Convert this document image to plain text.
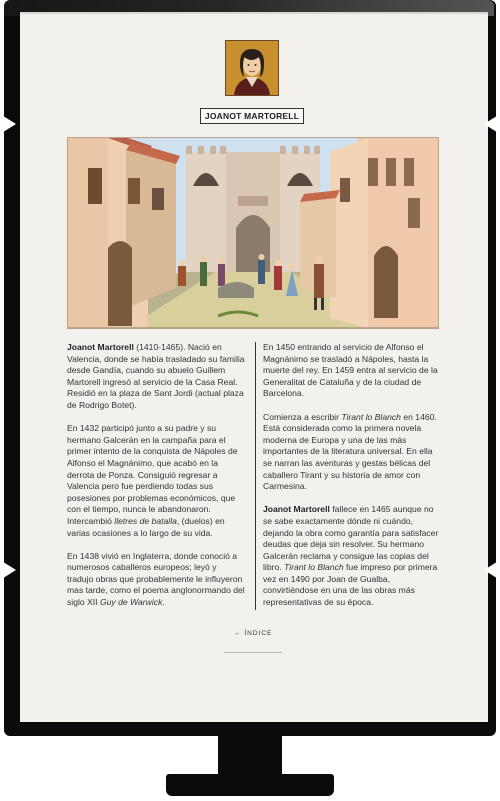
JOANOT MARTORELL

Joanot Martorell (1410-1465). Nació en Valencia, donde se había trasladado su familia desde Gandía, cuando su abuelo Guillem Martorell ingresó al servicio de la Casa Real. Residió en la plaza de Sant Jordi (actual plaza de Rodrigo Botet).

En 1432 participó junto a su padre y su hermano Galcerán en la campaña para el primer intento de la conquista de Nápoles de Alfonso el Magnánimo, que acabó en la derrota de Ponza. Consiguió regresar a Valencia pero fue perdiendo todas sus posesiones por problemas económicos, que con el tiempo, nunca le abandonaron. Intercambió lletres de batalla, (duelos) en varias ocasiones a lo largo de su vida.

En 1438 vivió en Inglaterra, donde conoció a numerosos caballeros europeos; leyó y tradujo obras que probablemente le influyeron mas tarde, como el poema anglonormando del siglo XII Guy de Warwick.

En 1450 entrando al servicio de Alfonso el Magnánimo se trasladó a Nápoles, hasta la muerte del rey. En 1459 entra al servicio de la Generalitat de Cataluña y de la ciudad de Barcelona.

Comienza a escribir Tirant lo Blanch en 1460. Está considerada como la primera novela moderna de Europa y una de las más importantes de la literatura universal. En ella se narran las aventuras y gestas bélicas del caballero Tirant y su historia de amor con Carmesina.

Joanot Martorell fallece en 1465 aunque no se sabe exactamente dónde ni cuándo, dejando la obra como garantía para satisfacer deudas que deja sin resolver. Su hermano Galcerán reclama y consigue las copias del libro. Tirant lo Blanch fue impreso por primera vez en 1490 por Joan de Gualba, convirtiéndose en una de las obras más representativas de su época.

← ÍNDICE
